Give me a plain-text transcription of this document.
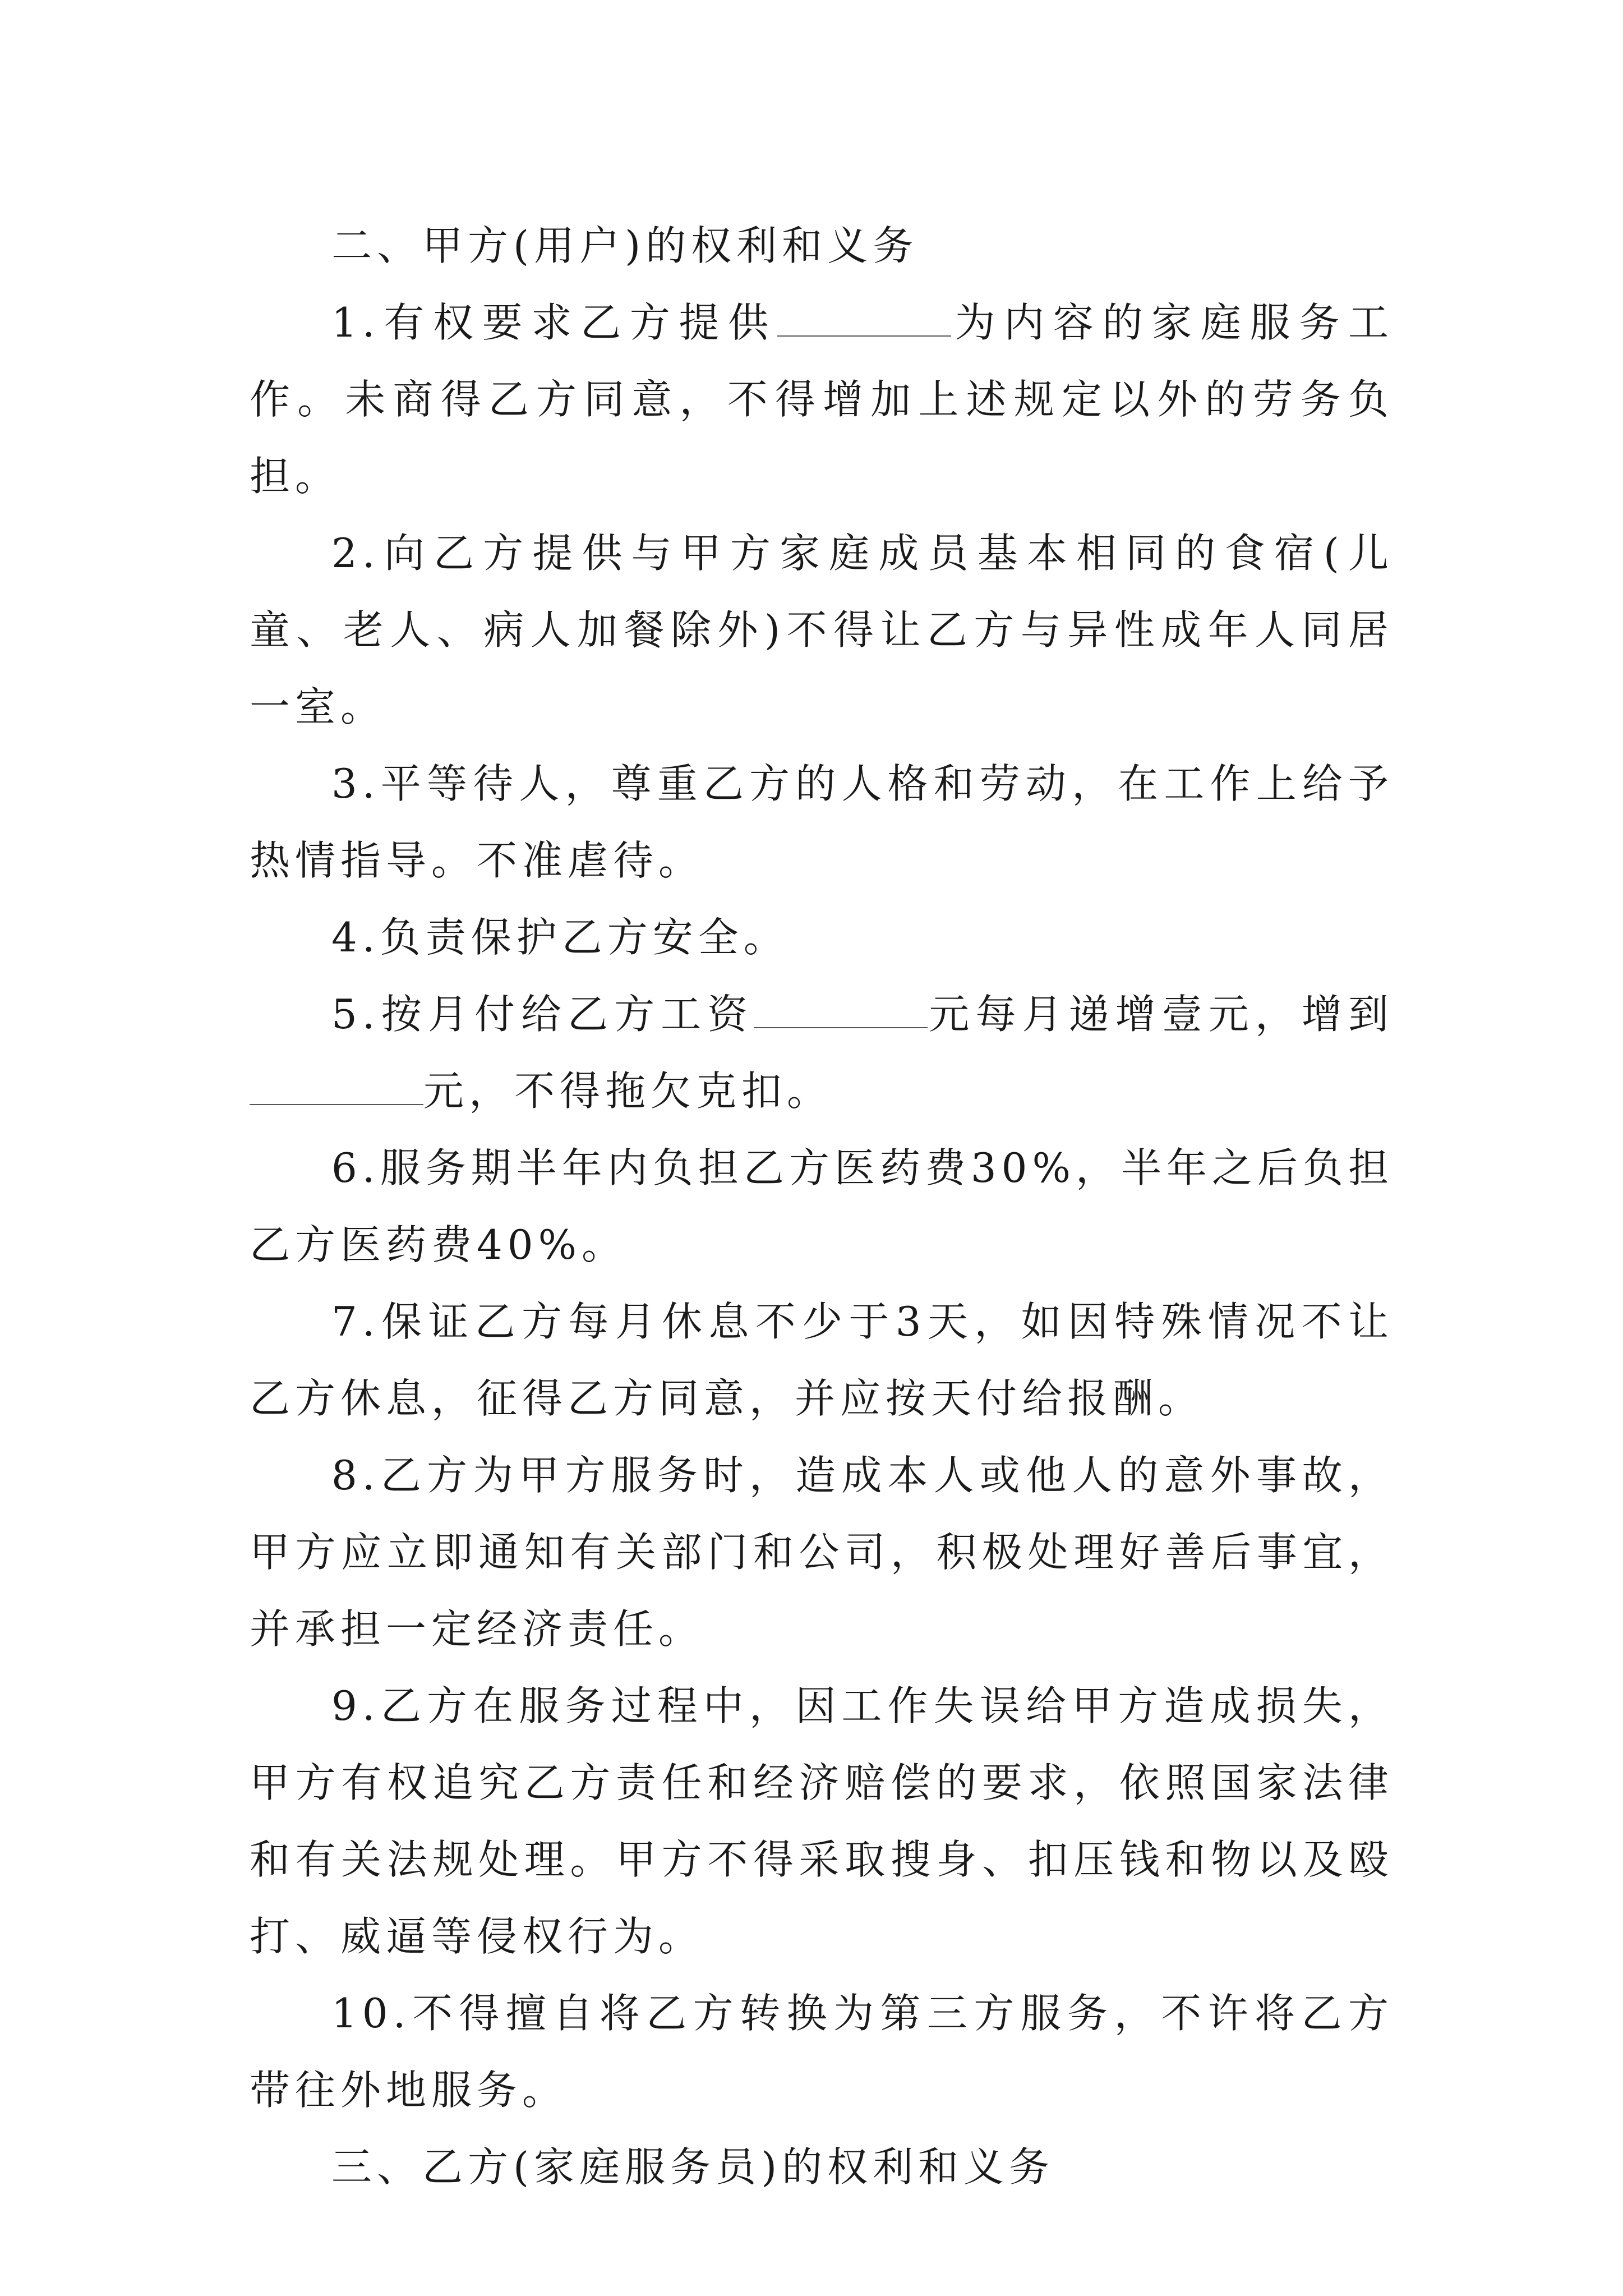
二、甲方(用户)的权利和义务

1.有权要求乙方提供	为内容的家庭服务工作。未商得乙方同意，不得增加上述规定以外的劳务负担。

2.向乙方提供与甲方家庭成员基本相同的食宿(儿童、老人、病人加餐除外)不得让乙方与异性成年人同居一室。

3.平等待人，尊重乙方的人格和劳动，在工作上给予热情指导。不准虐待。

4.负责保护乙方安全。

5.按月付给乙方工资	元每月递增壹元，增到元，不得拖欠克扣。

6.服务期半年内负担乙方医药费30%，半年之后负担乙方医药费40%。

7.保证乙方每月休息不少于3天，如因特殊情况不让乙方休息，征得乙方同意，并应按天付给报酬。

8.乙方为甲方服务时，造成本人或他人的意外事故，甲方应立即通知有关部门和公司，积极处理好善后事宜，并承担一定经济责任。

9.乙方在服务过程中，因工作失误给甲方造成损失，甲方有权追究乙方责任和经济赔偿的要求，依照国家法律和有关法规处理。甲方不得采取搜身、扣压钱和物以及殴打、威逼等侵权行为。

10.不得擅自将乙方转换为第三方服务，不许将乙方带往外地服务。

三、乙方(家庭服务员)的权利和义务
